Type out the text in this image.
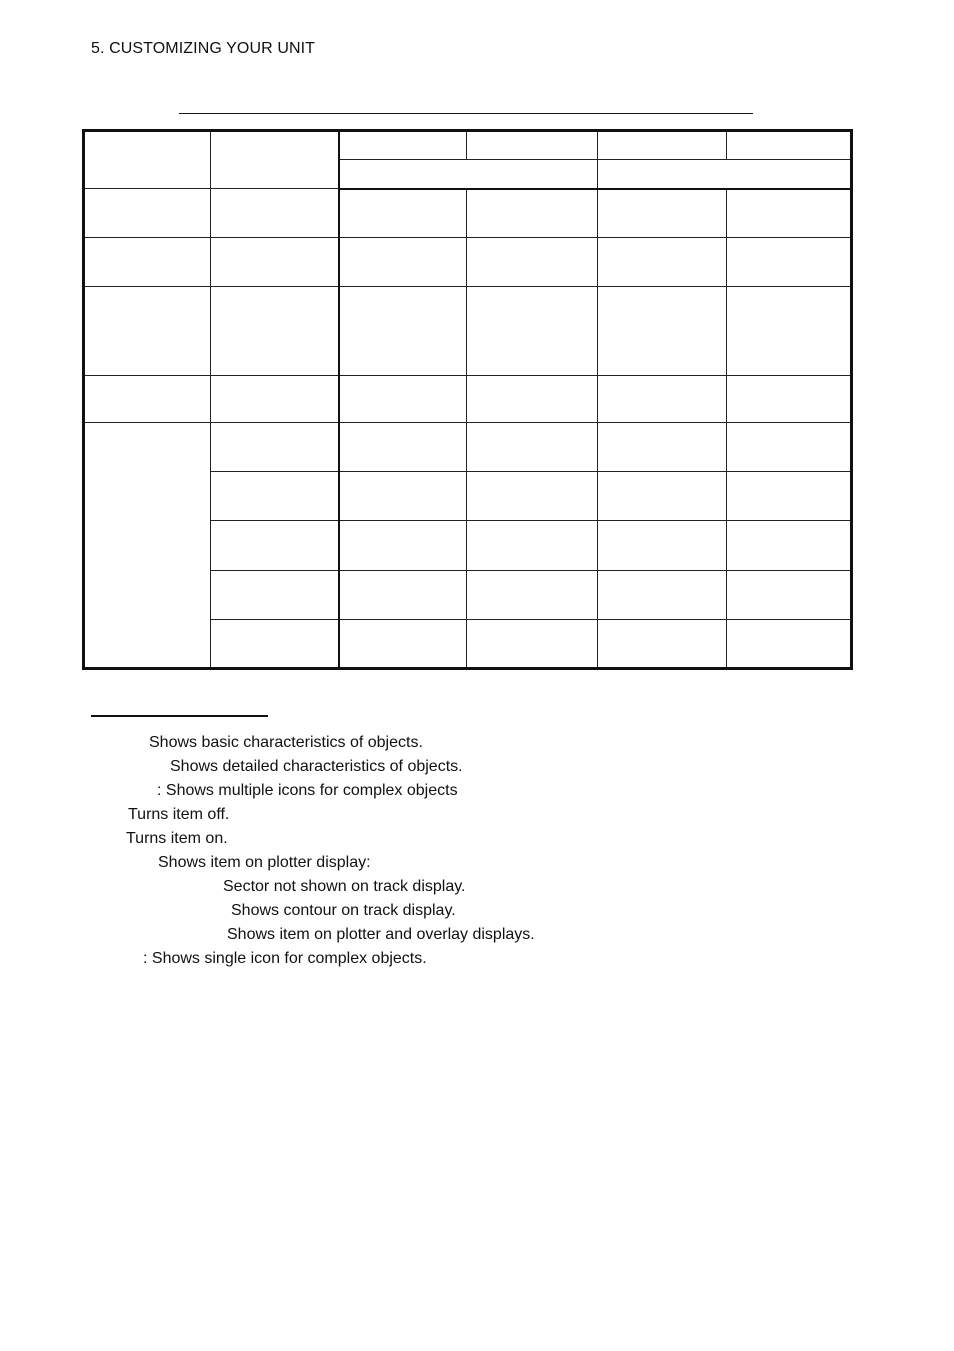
5. CUSTOMIZING YOUR UNIT

Shows basic characteristics of objects.
Shows detailed characteristics of objects.
: Shows multiple icons for complex objects
Turns item off.
Turns item on.
Shows item on plotter display:
Sector not shown on track display.
Shows contour on track display.
Shows item on plotter and overlay displays.
: Shows single icon for complex objects.
